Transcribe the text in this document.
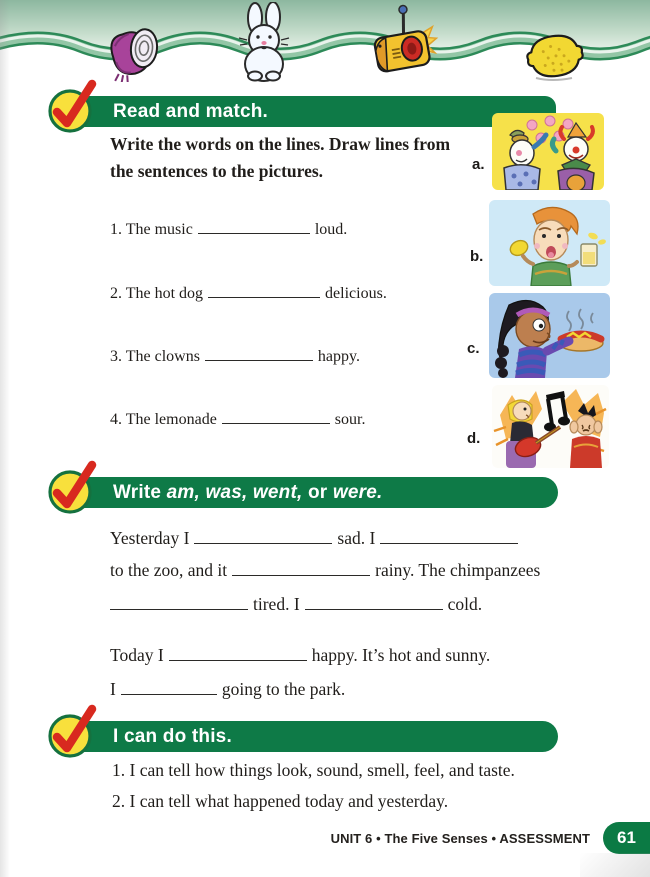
Read and match.
Write the words on the lines. Draw lines from
the sentences to the pictures.
1. The music	loud.
2. The hot dog	delicious.
3. The clowns	happy.
4. The lemonade	sour.
a.
b.
c.
d.
Write am, was, went, or were.
Yesterday I	sad. I
to the zoo, and it	rainy. The chimpanzees
tired. I	cold.
Today I	happy. It’s hot and sunny.
I	going to the park.
I can do this.
1. I can tell how things look, sound, smell, feel, and taste.
2. I can tell what happened today and yesterday.
UNIT 6 • The Five Senses • ASSESSMENT	61
